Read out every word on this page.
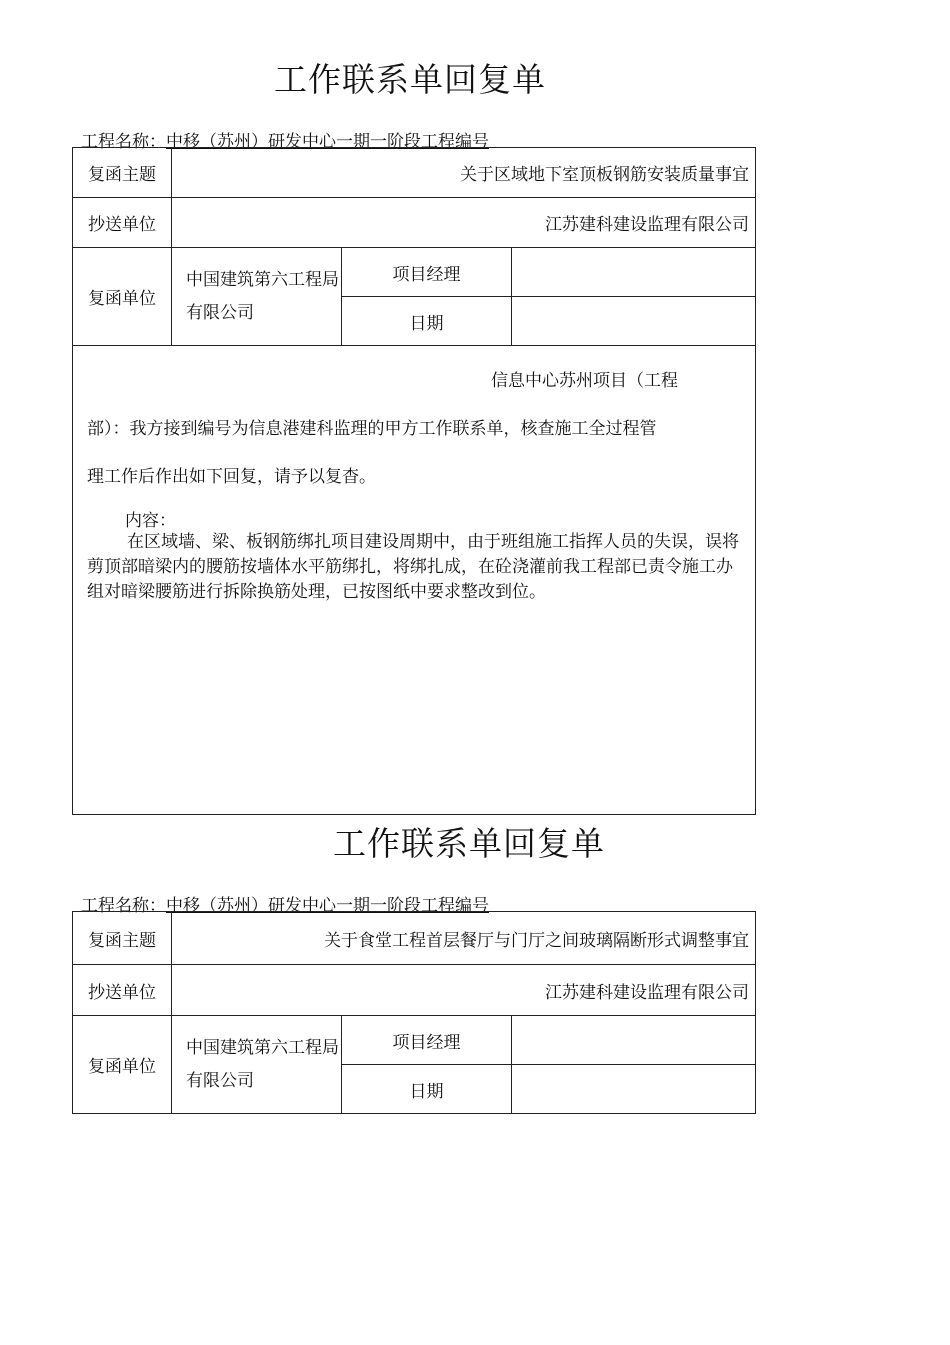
工作联系单回复单
工程名称：中移（苏州）研发中心一期一阶段工程编号
复函主题	关于区域地下室顶板钢筋安装质量事宜		
抄送单位	江苏建科建设监理有限公司		
复函单位	中国建筑第六工程局有限公司	项目经理	
		日期	

信息中心苏州项目（工程
部）：我方接到编号为信息港建科监理的甲方工作联系单，核查施工全过程管
理工作后作出如下回复，请予以复杳。
内容：
在区域墙、梁、板钢筋绑扎项目建设周期中，由于班组施工指挥人员的失误，误将剪顶部暗梁内的腰筋按墙体水平筋绑扎，将绑扎成，在砼浇灌前我工程部已责令施工办组对暗梁腰筋进行拆除换筋处理，已按图纸中要求整改到位。			
工作联系单回复单
工程名称：中移（苏州）研发中心一期一阶段工程编号
复函主题	关于食堂工程首层餐厅与门厅之间玻璃隔断形式调整事宜		
抄送单位	江苏建科建设监理有限公司		
复函单位	中国建筑第六工程局有限公司	项目经理	
		日期	
